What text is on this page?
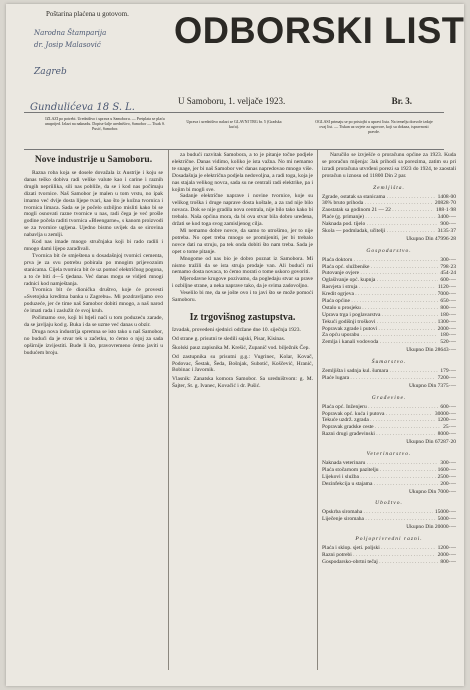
Poštarina plaćena u gotovom.
Narodna Štamparija
dr. Josip Malasović
Zagreb
Gundulićeva 18 S. L.
ODBORSKI LIST
U Samoboru, 1. veljače 1923.	Br. 3.
IZLAZI po potrebi. Uredništvo i uprava u Samoboru. — Pretplata se plaća unaprijed. Izlazi na naknadu. Dopise šalje uredništvo, Samobor — Tisak S. Pusić, Samobor.
Uprava i uredništvo nalazi se GLAVNI TRG br. 5 (Gradska kuća).
OGLASI primaju se po pristojbi u upravi lista. Na temelju dozvole izdaje ovaj list. — Tiskan uz uvjete za ugovore, koji su dokaza, ispravnosti pravde.
Nove industrije u Samoboru.

Razna roba koja se dosele dovažala iz Austrije i koju se danas teško dobiva radi velike valute kao i carine i raznih drugih nepriilika, sili nas pobliže, da se i kod nas počimaju dizati tvornice. Naš Samobor je malen u tom vrstu, no ipak imamo već dvije dosta lijepe tvari, kao što je kožna tvornica i tvornica limaca. Sada se je počelo ozbiljno misliti kako bi se mogli osnovati razne tvornice u nas, radi čega je već prošle godine počela raditi tvornica «Bleengarne», s kanom proizvodi se za tvornice ugljena. Ujedno bismo uvijek da se sirovina nabavlja u zemlji.

Kod nas imade mnogo stručnjaka koji bi rado radili i mnogo dami lijepo zarađivali.

Tvornica bit će smještena u dosadašnjoj tvornici cementa, prva je za svu potrebu pobirala po mnogim prijevoznim stanicama. Cijela tvornica bit će uz pomoć električnog pogona, a to će biti 4—5 tjedana. Već danas mogu se vidjeti mnogi radnici kod namještanja.

Tvornica bit će dionička društvo, koje će provesti «Svetojska kreditna banka u Zagrebu». Mi pozdravljamo ovo poduzeće, jer će time naš Samobor dobiti mnogo, a naš narod će imati rada i zaslužit će svoj kruh.

Počimamo sve, koji bi htjeli naći u tom poduzeću zarade, da se javljaju kod g. Buka i da se uzme već danas u obzir.

Druga nova industrija spremna se isto tako u naš Samobor, no budući da je stvar tek u začetku, to ćemo o njoj za sada opširnije izvijestiti. Bude li što, pravovremeno ćemo javiti u budućem broju.

za budući razvitak Samobora, a to je pitanje točne podjele električne. Danas vidimo, koliko je ista važna. No mi nemamo te snage, jer bi naš Samobor već danas napredovao mnogo više. Dosadašnja je električna podjela nedovoljna, a radi toga, koja je nas stajala velikog novca, sada su ne centrali radi elektrike, pa i kojim bi mogli sve.

Sadanje električne naprave i novine tvornice, koje su velikog troška i druge naprave dosta koštale, a za rad nije bilo novaca. Dok se nije gradila nova centrala, nije bilo tako kako bi trebalo. Naša općina mora, da bi ova stvar bila dobro uređena, držati se kod toga svog zamisljenog cilja.

Mi nemamo dobre novce, da samo to utrošimo, jer to nije potreba. No opet treba mnogo se promijeniti, jer bi trebalo novce dati na struju, pa tek onda dobiti što nam treba. Sada je opet o tome pitanje.

Mnogome od nas bio je dobro poznat iz Samobora. Mi nismo tražili da se ista struja prodaje van. Ali budući mi nemamo dosta novaca, to ćemo morati o tome uskoro govoriti.

Mjerodavne krugove pozivamo, da pogledaju stvar sa prave i ozbiljne strane, a neka naprave tako, da je svima zadovoljno.

Veselilo bi me, da se jošte ovo i to javi što se može pomoći Samoboru.

Iz trgovišnog zastupstva.

Izvadak, provedeni sjednici održane dne 10. siječnja 1923.

Od strane g. prisutni te sledili sajski, Pisar, Kisinas.

Školski pauz zapisnika M. Krešić, Zupanič vod. bilježnik Čep.

Od zastupnika su prisutni g.g.: Vugrinec, Kolar, Kovač, Podovac, Šestak, Šeda, Bošnjak, Subotić, Koščević, Hranić, Bobinac i Javornik.

Vlasnik: Zanatska komora Samobor. Sa uredništvom: g. M. Šajter, St. g. Ivanec, Kovačić i dr. Pušić.

Naručilo se izvješće o proračunu općine za 1923. Kuda se proračun mijenja: 3ak prihodi sa porezima, zatim su pri izradi proračuna utvrđeni porezi sa 1923 do 1924, te zaostali proračun u iznosu od 11800 Din 2 par.

Zemljišta.
Zgrade, ostatak sa stanicama . . .	1408·00
30% bruto prihoda . . .	20828·70
Zaostatak sa godinom 21 — 22 . . .	188·1·98
Plaće (g. primanje) . . .	3400·—
Naknada pod. tijelo . . .	900·—
Škola — podmladak, učitelji . . .	3135·37
Ukupno Din 47996·28
Gospodarstvo.
Plaća doktoru . . .	300·—
Plaća opć. službenike . . .	798·23
Putovanje ovjere . . .	454·24
Oglašivanje opć. kupnja . . .	600·—
Rasvjeta i struja . . .	1120·—
Kredit ogrjeva . . .	7000·—
Plaća općine . . .	650·—
Ostalo u prosjeku . . .	800·—
Uprava trga i poglavarstva . . .	180·—
Tekući godišnji troškovi . . .	1300·—
Popravak zgrade i putovi . . .	2000·—
Za opću uporabu . . .	180·—
Zemlja i kanali vodovoda . . .	520·—
Ukupno Din 28643·—
Šumarstvo.
Zemljišta i sadnja kul. šumara . . .	179·—
Plaće lugara . . .	7200·—
Ukupno Din 7375·—
Građevine.
Plaća opć. Inženjeru . . .	600·—
Popravak opć. kuća i putova . . .	30000·—
Tekuće uzdrž. zgrada . . .	1200·—
Popravak gradske ceste . . .	25·—
Razni drugi građevinski . . .	8000·—
Ukupno Din 67287·20
Veterinarstvo.
Naknada veterinaru . . .	300·—
Plaća stočarnom pazitelju . . .	1600·—
Lijekovi i služba . . .	2500·—
Dezinfekcija u stajama . . .	200·—
Ukupno Din 7000·—
Ubožtvo.
Opskrba siromaha . . .	15000·—
Liječenje siromaha . . .	5000·—
Ukupno Din 20000·—
Poljoprivredni razni.
Plaća i sklop. sjeti. poljski . . .	1200·—
Razni potrebi . . .	2000·—
Gospodarsko-obrtni tečaj . . .	800·—
